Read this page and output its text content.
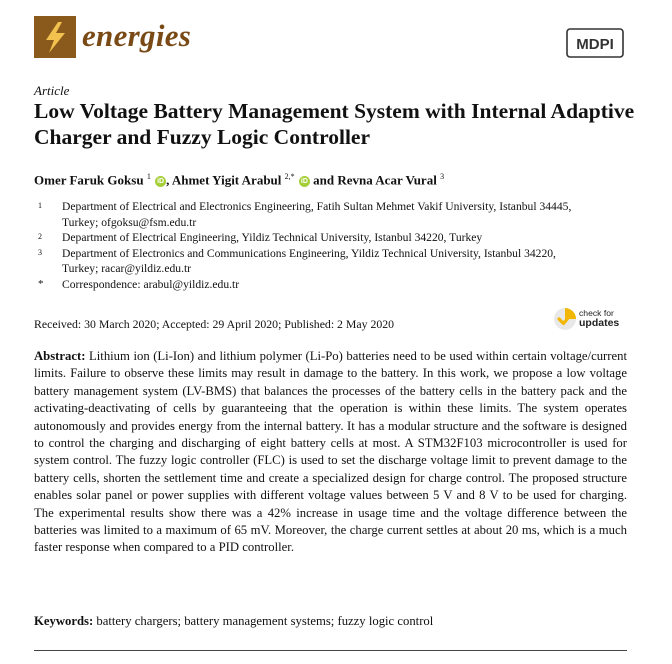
energies	MDPI
Article
Low Voltage Battery Management System with Internal Adaptive Charger and Fuzzy Logic Controller
Omer Faruk Goksu $^1$ iD , Ahmet Yigit Arabul $^{2,*}$ iD and Revna Acar Vural $^3$
1 Department of Electrical and Electronics Engineering, Fatih Sultan Mehmet Vakif University, Istanbul 34445, Turkey; ofgoksu@fsm.edu.tr
2 Department of Electrical Engineering, Yildiz Technical University, Istanbul 34220, Turkey
3 Department of Electronics and Communications Engineering, Yildiz Technical University, Istanbul 34220, Turkey; racar@yildiz.edu.tr
* Correspondence: arabul@yildiz.edu.tr
Received: 30 March 2020; Accepted: 29 April 2020; Published: 2 May 2020
check for
updates
Abstract: Lithium ion (Li-Ion) and lithium polymer (Li-Po) batteries need to be used within certain voltage/current limits. Failure to observe these limits may result in damage to the battery. In this work, we propose a low voltage battery management system (LV-BMS) that balances the processes of the battery cells in the battery pack and the activating-deactivating of cells by guaranteeing that the operation is within these limits. The system operates autonomously and provides energy from the internal battery. It has a modular structure and the software is designed to control the charging and discharging of eight battery cells at most. A STM32F103 microcontroller is used for system control. The fuzzy logic controller (FLC) is used to set the discharge voltage limit to prevent damage to the battery cells, shorten the settlement time and create a specialized design for charge control. The proposed structure enables solar panel or power supplies with different voltage values between 5 V and 8 V to be used for charging. The experimental results show there was a 42% increase in usage time and the voltage difference between the batteries was limited to a maximum of 65 mV. Moreover, the charge current settles at about 20 ms, which is a much faster response when compared to a PID controller.
Keywords: battery chargers; battery management systems; fuzzy logic control
